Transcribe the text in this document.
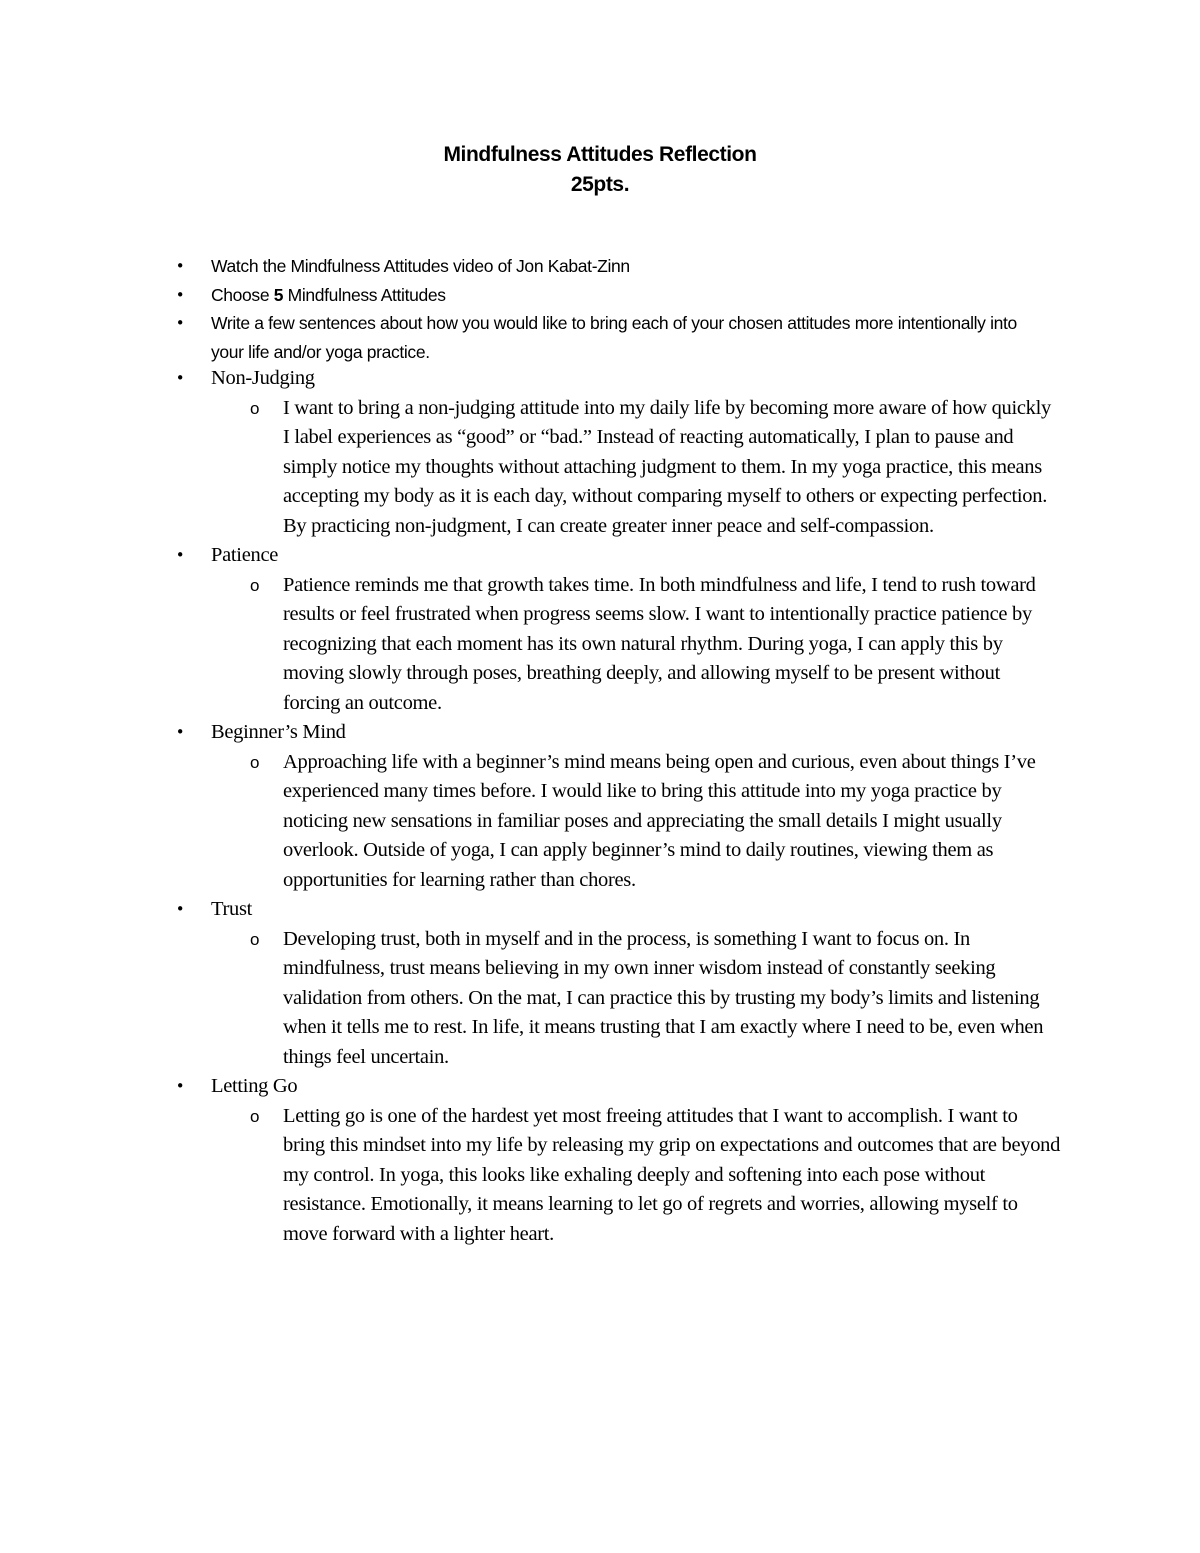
Mindfulness Attitudes Reflection
25pts.
• Watch the Mindfulness Attitudes video of Jon Kabat-Zinn
• Choose 5 Mindfulness Attitudes
• Write a few sentences about how you would like to bring each of your chosen attitudes more intentionally into your life and/or yoga practice.
• Non-Judging
o I want to bring a non-judging attitude into my daily life by becoming more aware of how quickly I label experiences as “good” or “bad.” Instead of reacting automatically, I plan to pause and simply notice my thoughts without attaching judgment to them. In my yoga practice, this means accepting my body as it is each day, without comparing myself to others or expecting perfection. By practicing non-judgment, I can create greater inner peace and self-compassion.
• Patience
o Patience reminds me that growth takes time. In both mindfulness and life, I tend to rush toward results or feel frustrated when progress seems slow. I want to intentionally practice patience by recognizing that each moment has its own natural rhythm. During yoga, I can apply this by moving slowly through poses, breathing deeply, and allowing myself to be present without forcing an outcome.
• Beginner’s Mind
o Approaching life with a beginner’s mind means being open and curious, even about things I’ve experienced many times before. I would like to bring this attitude into my yoga practice by noticing new sensations in familiar poses and appreciating the small details I might usually overlook. Outside of yoga, I can apply beginner’s mind to daily routines, viewing them as opportunities for learning rather than chores.
• Trust
o Developing trust, both in myself and in the process, is something I want to focus on. In mindfulness, trust means believing in my own inner wisdom instead of constantly seeking validation from others. On the mat, I can practice this by trusting my body’s limits and listening when it tells me to rest. In life, it means trusting that I am exactly where I need to be, even when things feel uncertain.
• Letting Go
o Letting go is one of the hardest yet most freeing attitudes that I want to accomplish. I want to bring this mindset into my life by releasing my grip on expectations and outcomes that are beyond my control. In yoga, this looks like exhaling deeply and softening into each pose without resistance. Emotionally, it means learning to let go of regrets and worries, allowing myself to move forward with a lighter heart.
